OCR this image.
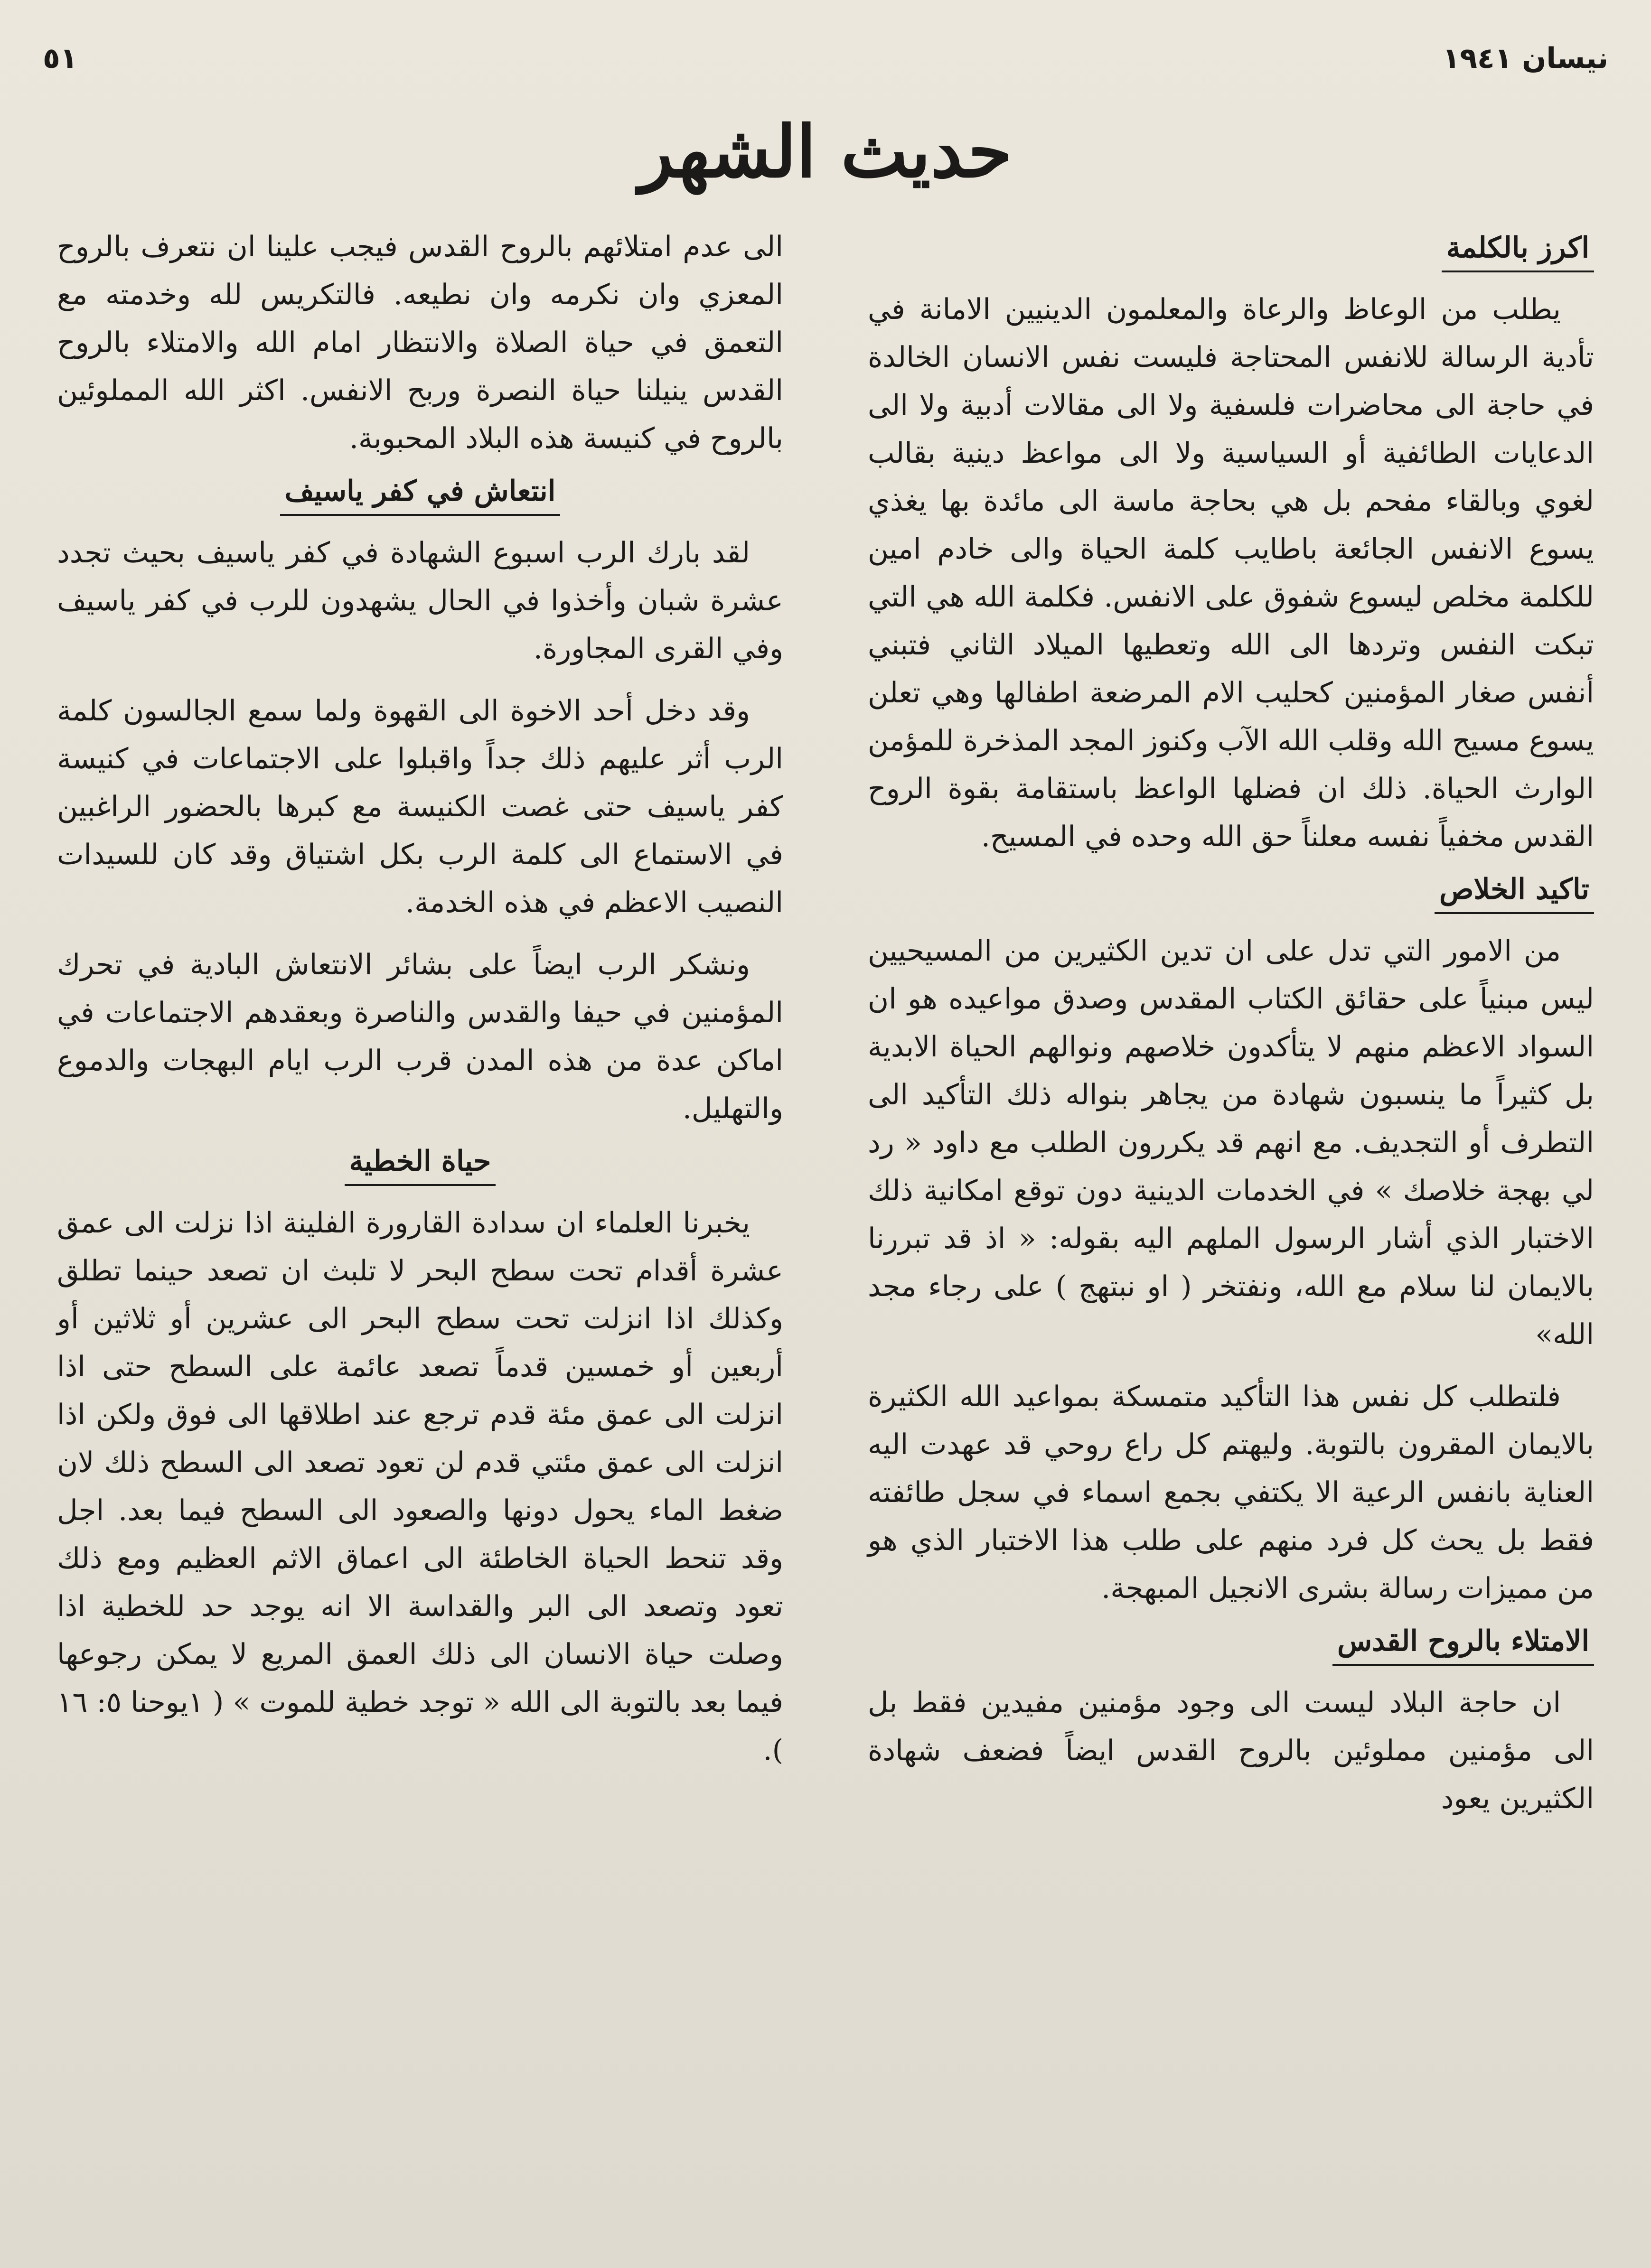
نيسان ١٩٤١
٥١
حديث الشهر
اكرز بالكلمة

يطلب من الوعاظ والرعاة والمعلمون الدينيين الامانة في تأدية الرسالة للانفس المحتاجة فليست نفس الانسان الخالدة في حاجة الى محاضرات فلسفية ولا الى مقالات أدبية ولا الى الدعايات الطائفية أو السياسية ولا الى مواعظ دينية بقالب لغوي وبالقاء مفحم بل هي بحاجة ماسة الى مائدة بها يغذي يسوع الانفس الجائعة باطايب كلمة الحياة والى خادم امين للكلمة مخلص ليسوع شفوق على الانفس. فكلمة الله هي التي تبكت النفس وتردها الى الله وتعطيها الميلاد الثاني فتبني أنفس صغار المؤمنين كحليب الام المرضعة اطفالها وهي تعلن يسوع مسيح الله وقلب الله الآب وكنوز المجد المذخرة للمؤمن الوارث الحياة. ذلك ان فضلها الواعظ باستقامة بقوة الروح القدس مخفياً نفسه معلناً حق الله وحده في المسيح.

تاكيد الخلاص

من الامور التي تدل على ان تدين الكثيرين من المسيحيين ليس مبنياً على حقائق الكتاب المقدس وصدق مواعيده هو ان السواد الاعظم منهم لا يتأكدون خلاصهم ونوالهم الحياة الابدية بل كثيراً ما ينسبون شهادة من يجاهر بنواله ذلك التأكيد الى التطرف أو التجديف. مع انهم قد يكررون الطلب مع داود « رد لي بهجة خلاصك » في الخدمات الدينية دون توقع امكانية ذلك الاختبار الذي أشار الرسول الملهم اليه بقوله: « اذ قد تبررنا بالايمان لنا سلام مع الله، ونفتخر ( او نبتهج ) على رجاء مجد الله»

فلتطلب كل نفس هذا التأكيد متمسكة بمواعيد الله الكثيرة بالايمان المقرون بالتوبة. وليهتم كل راع روحي قد عهدت اليه العناية بانفس الرعية الا يكتفي بجمع اسماء في سجل طائفته فقط بل يحث كل فرد منهم على طلب هذا الاختبار الذي هو من مميزات رسالة بشرى الانجيل المبهجة.

الامتلاء بالروح القدس

ان حاجة البلاد ليست الى وجود مؤمنين مفيدين فقط بل الى مؤمنين مملوئين بالروح القدس ايضاً فضعف شهادة الكثيرين يعود

الى عدم امتلائهم بالروح القدس فيجب علينا ان نتعرف بالروح المعزي وان نكرمه وان نطيعه. فالتكريس لله وخدمته مع التعمق في حياة الصلاة والانتظار امام الله والامتلاء بالروح القدس ينيلنا حياة النصرة وربح الانفس. اكثر الله المملوئين بالروح في كنيسة هذه البلاد المحبوبة.

انتعاش في كفر ياسيف

لقد بارك الرب اسبوع الشهادة في كفر ياسيف بحيث تجدد عشرة شبان وأخذوا في الحال يشهدون للرب في كفر ياسيف وفي القرى المجاورة.

وقد دخل أحد الاخوة الى القهوة ولما سمع الجالسون كلمة الرب أثر عليهم ذلك جداً واقبلوا على الاجتماعات في كنيسة كفر ياسيف حتى غصت الكنيسة مع كبرها بالحضور الراغبين في الاستماع الى كلمة الرب بكل اشتياق وقد كان للسيدات النصيب الاعظم في هذه الخدمة.

ونشكر الرب ايضاً على بشائر الانتعاش البادية في تحرك المؤمنين في حيفا والقدس والناصرة وبعقدهم الاجتماعات في اماكن عدة من هذه المدن قرب الرب ايام البهجات والدموع والتهليل.

حياة الخطية

يخبرنا العلماء ان سدادة القارورة الفلينة اذا نزلت الى عمق عشرة أقدام تحت سطح البحر لا تلبث ان تصعد حينما تطلق وكذلك اذا انزلت تحت سطح البحر الى عشرين أو ثلاثين أو أربعين أو خمسين قدماً تصعد عائمة على السطح حتى اذا انزلت الى عمق مئة قدم ترجع عند اطلاقها الى فوق ولكن اذا انزلت الى عمق مئتي قدم لن تعود تصعد الى السطح ذلك لان ضغط الماء يحول دونها والصعود الى السطح فيما بعد. اجل وقد تنحط الحياة الخاطئة الى اعماق الاثم العظيم ومع ذلك تعود وتصعد الى البر والقداسة الا انه يوجد حد للخطية اذا وصلت حياة الانسان الى ذلك العمق المريع لا يمكن رجوعها فيما بعد بالتوبة الى الله « توجد خطية للموت » ( ١يوحنا ٥: ١٦ ).
